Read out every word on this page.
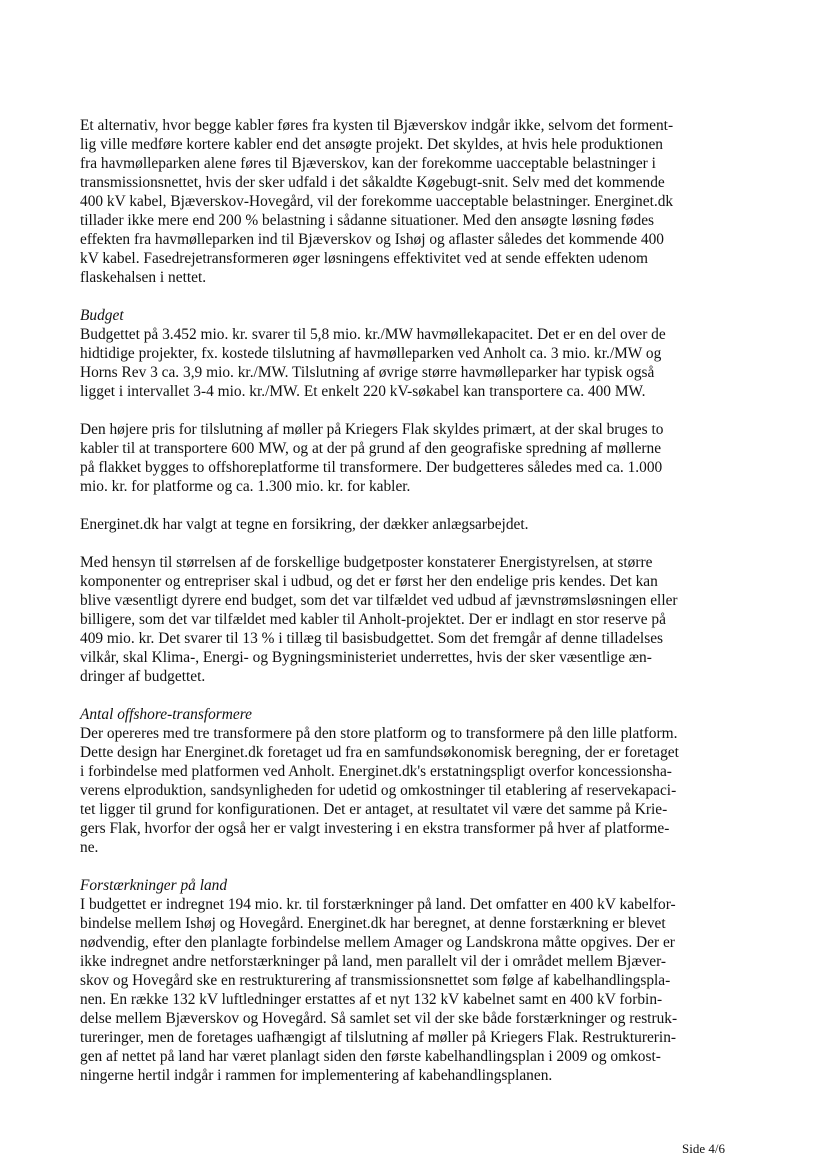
Et alternativ, hvor begge kabler føres fra kysten til Bjæverskov indgår ikke, selvom det forment-
lig ville medføre kortere kabler end det ansøgte projekt. Det skyldes, at hvis hele produktionen
fra havmølleparken alene føres til Bjæverskov, kan der forekomme uacceptable belastninger i
transmissionsnettet, hvis der sker udfald i det såkaldte Køgebugt-snit. Selv med det kommende
400 kV kabel, Bjæverskov-Hovegård, vil der forekomme uacceptable belastninger. Energinet.dk
tillader ikke mere end 200 % belastning i sådanne situationer. Med den ansøgte løsning fødes
effekten fra havmølleparken ind til Bjæverskov og Ishøj og aflaster således det kommende 400
kV kabel. Fasedrejetransformeren øger løsningens effektivitet ved at sende effekten udenom
flaskehalsen i nettet.

Budget

Budgettet på 3.452 mio. kr. svarer til 5,8 mio. kr./MW havmøllekapacitet. Det er en del over de
hidtidige projekter, fx. kostede tilslutning af havmølleparken ved Anholt ca. 3 mio. kr./MW og
Horns Rev 3 ca. 3,9 mio. kr./MW. Tilslutning af øvrige større havmølleparker har typisk også
ligget i intervallet 3-4 mio. kr./MW. Et enkelt 220 kV-søkabel kan transportere ca. 400 MW.
Den højere pris for tilslutning af møller på Kriegers Flak skyldes primært, at der skal bruges to
kabler til at transportere 600 MW, og at der på grund af den geografiske spredning af møllerne
på flakket bygges to offshoreplatforme til transformere. Der budgetteres således med ca. 1.000
mio. kr. for platforme og ca. 1.300 mio. kr. for kabler.
Energinet.dk har valgt at tegne en forsikring, der dækker anlægsarbejdet.
Med hensyn til størrelsen af de forskellige budgetposter konstaterer Energistyrelsen, at større
komponenter og entrepriser skal i udbud, og det er først her den endelige pris kendes. Det kan
blive væsentligt dyrere end budget, som det var tilfældet ved udbud af jævnstrømsløsningen eller
billigere, som det var tilfældet med kabler til Anholt-projektet. Der er indlagt en stor reserve på
409 mio. kr. Det svarer til 13 % i tillæg til basisbudgettet. Som det fremgår af denne tilladelses
vilkår, skal Klima-, Energi- og Bygningsministeriet underrettes, hvis der sker væsentlige æn-
dringer af budgettet.

Antal offshore-transformere

Der opereres med tre transformere på den store platform og to transformere på den lille platform.
Dette design har Energinet.dk foretaget ud fra en samfundsøkonomisk beregning, der er foretaget
i forbindelse med platformen ved Anholt. Energinet.dk's erstatningspligt overfor koncessionsha-
verens elproduktion, sandsynligheden for udetid og omkostninger til etablering af reservekapaci-
tet ligger til grund for konfigurationen. Det er antaget, at resultatet vil være det samme på Krie-
gers Flak, hvorfor der også her er valgt investering i en ekstra transformer på hver af platforme-
ne.

Forstærkninger på land

I budgettet er indregnet 194 mio. kr. til forstærkninger på land. Det omfatter en 400 kV kabelfor-
bindelse mellem Ishøj og Hovegård. Energinet.dk har beregnet, at denne forstærkning er blevet
nødvendig, efter den planlagte forbindelse mellem Amager og Landskrona måtte opgives. Der er
ikke indregnet andre netforstærkninger på land, men parallelt vil der i området mellem Bjæver-
skov og Hovegård ske en restrukturering af transmissionsnettet som følge af kabelhandlingspla-
nen. En række 132 kV luftledninger erstattes af et nyt 132 kV kabelnet samt en 400 kV forbin-
delse mellem Bjæverskov og Hovegård. Så samlet set vil der ske både forstærkninger og restruk-
tureringer, men de foretages uafhængigt af tilslutning af møller på Kriegers Flak. Restrukturerin-
gen af nettet på land har været planlagt siden den første kabelhandlingsplan i 2009 og omkost-
ningerne hertil indgår i rammen for implementering af kabehandlingsplanen.
Side 4/6
